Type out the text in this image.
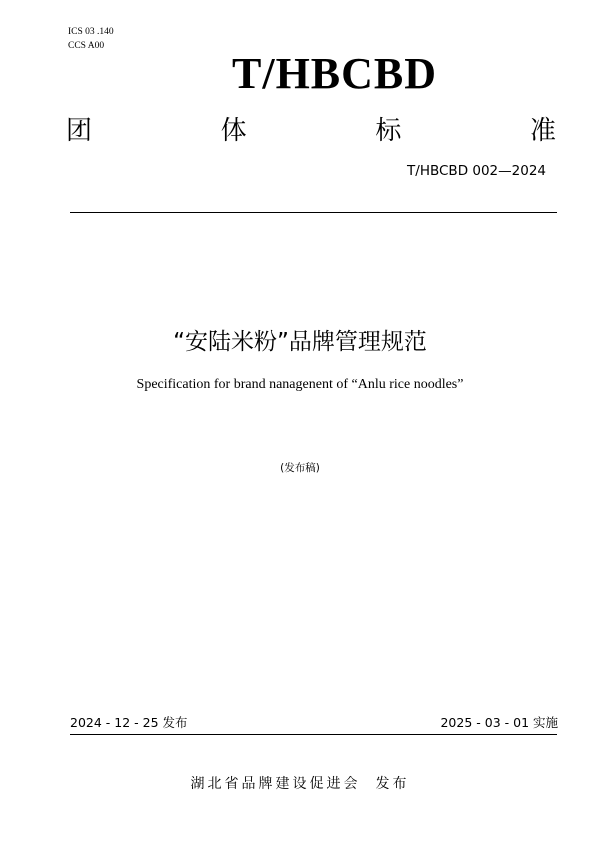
ICS 03 .140
CCS A00
T/HBCBD
团	体	标	准
T/HBCBD 002—2024
“安陆米粉”品牌管理规范
Specification for brand nanagenent of “Anlu rice noodles”
(发布稿)
2024 - 12 - 25 发布	2025 - 03 - 01 实施
湖北省品牌建设促进会  发布
